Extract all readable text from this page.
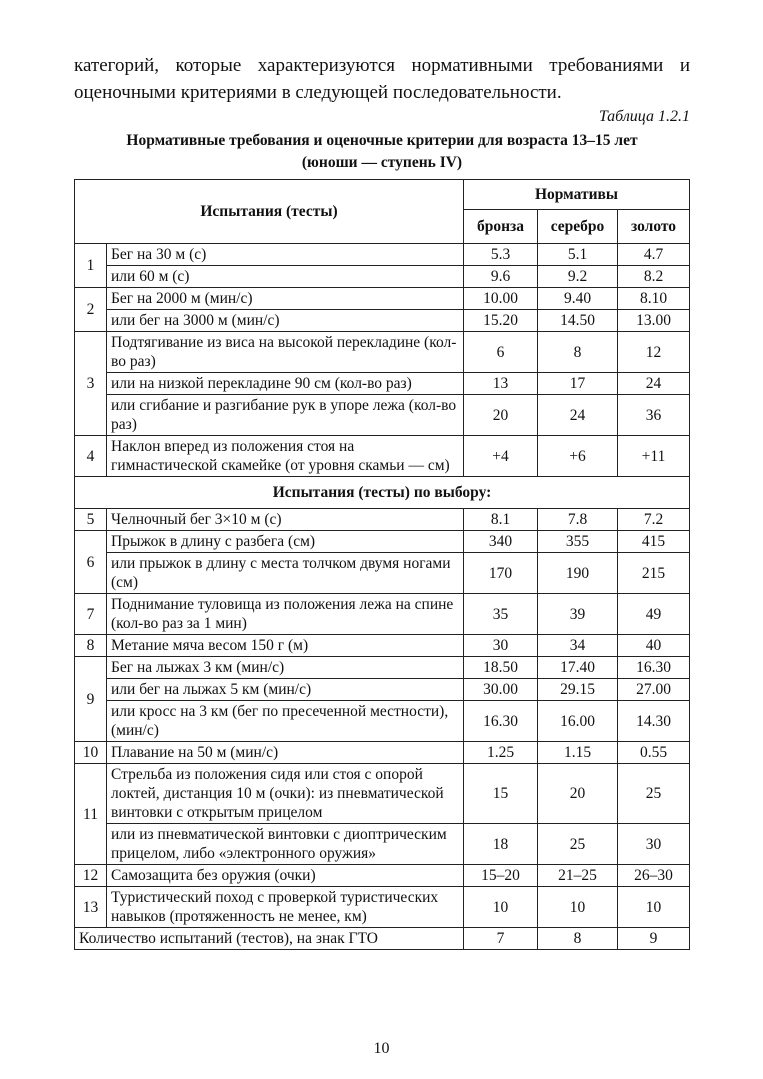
категорий, которые характеризуются нормативными требованиями и оценочными критериями в следующей последовательности.
Таблица 1.2.1
Нормативные требования и оценочные критерии для возраста 13–15 лет
(юноши — ступень IV)
Испытания (тесты)		Нормативы		
		бронза	серебро	золото
1	Бег на 30 м (с)	5.3	5.1	4.7
	или 60 м (с)	9.6	9.2	8.2
2	Бег на 2000 м (мин/с)	10.00	9.40	8.10
	или бег на 3000 м (мин/с)	15.20	14.50	13.00
3	Подтягивание из виса на высокой перекладине (кол-во раз)	6	8	12
	или на низкой перекладине 90 см (кол-во раз)	13	17	24
	или сгибание и разгибание рук в упоре лежа (кол-во раз)	20	24	36
4	Наклон вперед из положения стоя на гимнастической скамейке (от уровня скамьи — см)	+4	+6	+11
Испытания (тесты) по выбору:				
5	Челночный бег 3×10 м (с)	8.1	7.8	7.2
6	Прыжок в длину с разбега (см)	340	355	415
	или прыжок в длину с места толчком двумя ногами (см)	170	190	215
7	Поднимание туловища из положения лежа на спине (кол-во раз за 1 мин)	35	39	49
8	Метание мяча весом 150 г (м)	30	34	40
9	Бег на лыжах 3 км (мин/с)	18.50	17.40	16.30
	или бег на лыжах 5 км (мин/с)	30.00	29.15	27.00
	или кросс на 3 км (бег по пресеченной местности), (мин/с)	16.30	16.00	14.30
10	Плавание на 50 м (мин/с)	1.25	1.15	0.55
11	Стрельба из положения сидя или стоя с опорой локтей, дистанция 10 м (очки): из пневматической винтовки с открытым прицелом	15	20	25
	или из пневматической винтовки с диоптрическим прицелом, либо «электронного оружия»	18	25	30
12	Самозащита без оружия (очки)	15–20	21–25	26–30
13	Туристический поход с проверкой туристических навыков (протяженность не менее, км)	10	10	10
Количество испытаний (тестов), на знак ГТО		7	8	9
10
